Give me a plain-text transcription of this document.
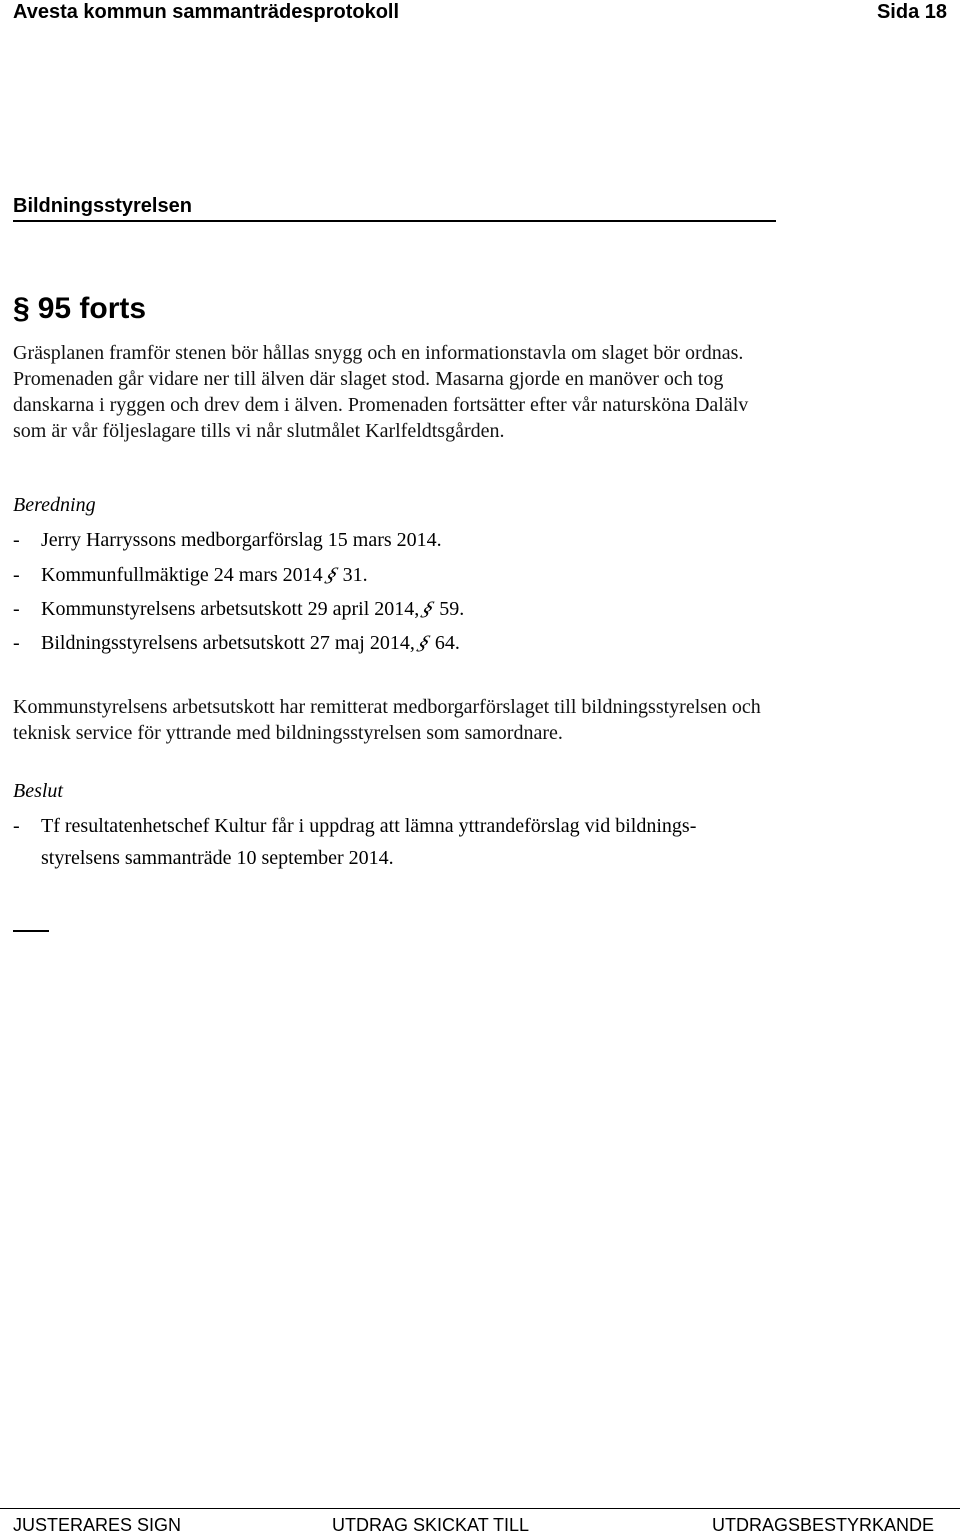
Avesta kommun sammanträdesprotokoll	Sida 18
Bildningsstyrelsen
§ 95 forts
Gräsplanen framför stenen bör hållas snygg och en informationstavla om slaget bör ordnas.
Promenaden går vidare ner till älven där slaget stod. Masarna gjorde en manöver och tog
danskarna i ryggen och drev dem i älven. Promenaden fortsätter efter vår natursköna Dalälv
som är vår följeslagare tills vi når slutmålet Karlfeldtsgården.
Beredning
- Jerry Harryssons medborgarförslag 15 mars 2014.
- Kommunfullmäktige 24 mars 2014§31.
- Kommunstyrelsens arbetsutskott 29 april 2014,§59.
- Bildningsstyrelsens arbetsutskott 27 maj 2014,§64.
Kommunstyrelsens arbetsutskott har remitterat medborgarförslaget till bildningsstyrelsen och
teknisk service för yttrande med bildningsstyrelsen som samordnare.
Beslut
- Tf resultatenhetschef Kultur får i uppdrag att lämna yttrandeförslag vid bildnings-
styrelsens sammanträde 10 september 2014.
JUSTERARES SIGN	UTDRAG SKICKAT TILL	UTDRAGSBESTYRKANDE
